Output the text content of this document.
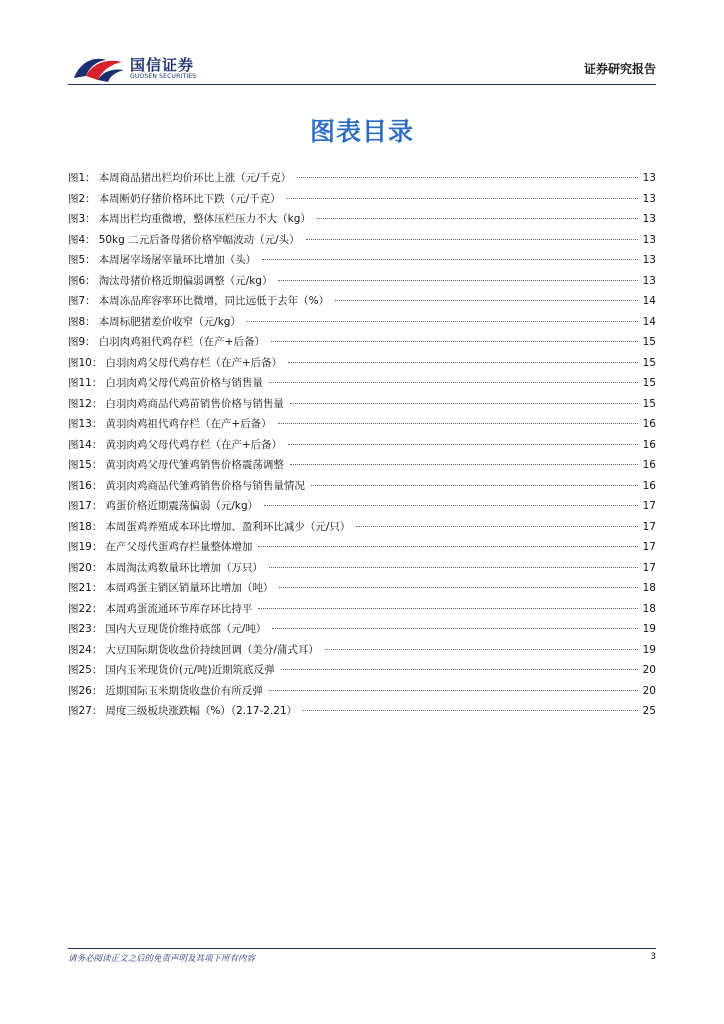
国信证券
GUOSEN SECURITIES
证券研究报告
图表目录
图1： 本周商品猪出栏均价环比上涨（元/千克）	13
图2： 本周断奶仔猪价格环比下跌（元/千克）	13
图3： 本周出栏均重微增，整体压栏压力不大（kg）	13
图4： 50kg 二元后备母猪价格窄幅波动（元/头）	13
图5： 本周屠宰场屠宰量环比增加（头）	13
图6： 淘汰母猪价格近期偏弱调整（元/kg）	13
图7： 本周冻品库容率环比微增，同比远低于去年（%）	14
图8： 本周标肥猪差价收窄（元/kg）	14
图9： 白羽肉鸡祖代鸡存栏（在产+后备）	15
图10： 白羽肉鸡父母代鸡存栏（在产+后备）	15
图11： 白羽肉鸡父母代鸡苗价格与销售量	15
图12： 白羽肉鸡商品代鸡苗销售价格与销售量	15
图13： 黄羽肉鸡祖代鸡存栏（在产+后备）	16
图14： 黄羽肉鸡父母代鸡存栏（在产+后备）	16
图15： 黄羽肉鸡父母代雏鸡销售价格震荡调整	16
图16： 黄羽肉鸡商品代雏鸡销售价格与销售量情况	16
图17： 鸡蛋价格近期震荡偏弱（元/kg）	17
图18： 本周蛋鸡养殖成本环比增加、盈利环比减少（元/只）	17
图19： 在产父母代蛋鸡存栏量整体增加	17
图20： 本周淘汰鸡数量环比增加（万只）	17
图21： 本周鸡蛋主销区销量环比增加（吨）	18
图22： 本周鸡蛋流通环节库存环比持平	18
图23： 国内大豆现货价维持底部（元/吨）	19
图24： 大豆国际期货收盘价持续回调（美分/蒲式耳）	19
图25： 国内玉米现货价(元/吨)近期筑底反弹	20
图26： 近期国际玉米期货收盘价有所反弹	20
图27： 周度三级板块涨跌幅（%）（2.17-2.21）	25
请务必阅读正文之后的免责声明及其项下所有内容	3
